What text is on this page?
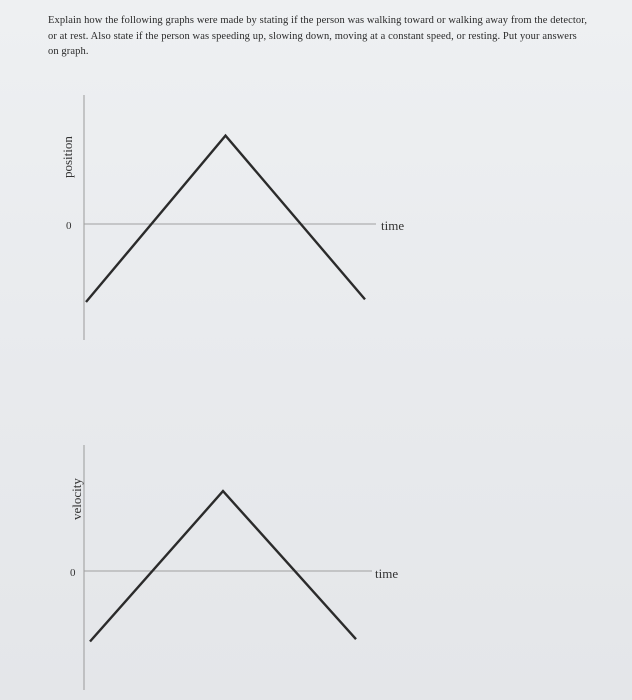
Explain how the following graphs were made by stating if the person was walking toward or walking away from the detector, or at rest. Also state if the person was speeding up, slowing down, moving at a constant speed, or resting. Put your answers on graph.

position
0	time
velocity
0	time
